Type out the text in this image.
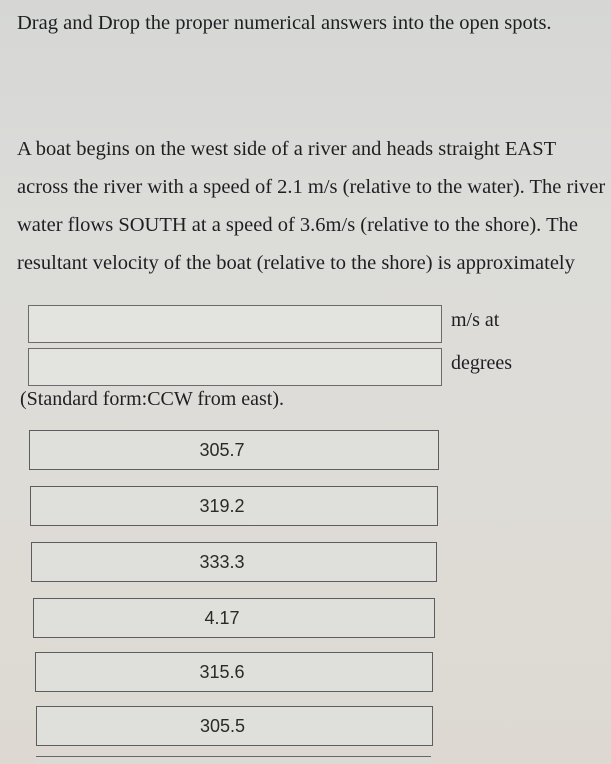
Drag and Drop the proper numerical answers into the open spots.
A boat begins on the west side of a river and heads straight EAST across the river with a speed of 2.1 m/s (relative to the water). The river water flows SOUTH at a speed of 3.6m/s (relative to the shore). The resultant velocity of the boat (relative to the shore) is approximately
m/s at
degrees
(Standard form:CCW from east).
305.7
319.2
333.3
4.17
315.6
305.5
